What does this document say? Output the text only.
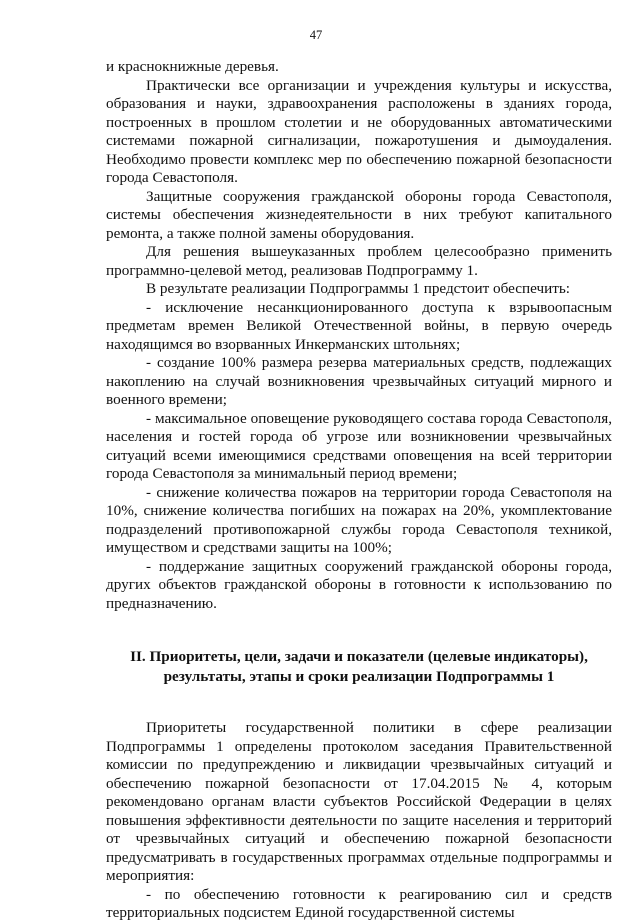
47

и краснокнижные деревья.

Практически все организации и учреждения культуры и искусства, образования и науки, здравоохранения расположены в зданиях города, построенных в прошлом столетии и не оборудованных автоматическими системами пожарной сигнализации, пожаротушения и дымоудаления. Необходимо провести комплекс мер по обеспечению пожарной безопасности города Севастополя.

Защитные сооружения гражданской обороны города Севастополя, системы обеспечения жизнедеятельности в них требуют капитального ремонта, а также полной замены оборудования.

Для решения вышеуказанных проблем целесообразно применить программно-целевой метод, реализовав Подпрограмму 1.

В результате реализации Подпрограммы 1 предстоит обеспечить:

- исключение несанкционированного доступа к взрывоопасным предметам времен Великой Отечественной войны, в первую очередь находящимся во взорванных Инкерманских штольнях;

- создание 100% размера резерва материальных средств, подлежащих накоплению на случай возникновения чрезвычайных ситуаций мирного и военного времени;

- максимальное оповещение руководящего состава города Севастополя, населения и гостей города об угрозе или возникновении чрезвычайных ситуаций всеми имеющимися средствами оповещения на всей территории города Севастополя за минимальный период времени;

- снижение количества пожаров на территории города Севастополя на 10%, снижение количества погибших на пожарах на 20%, укомплектование подразделений противопожарной службы города Севастополя техникой, имуществом и средствами защиты на 100%;

- поддержание защитных сооружений гражданской обороны города, других объектов гражданской обороны в готовности к использованию по предназначению.

II. Приоритеты, цели, задачи и показатели (целевые индикаторы),
результаты, этапы и сроки реализации Подпрограммы 1

Приоритеты государственной политики в сфере реализации Подпрограммы 1 определены протоколом заседания Правительственной комиссии по предупреждению и ликвидации чрезвычайных ситуаций и обеспечению пожарной безопасности от 17.04.2015 № 4, которым рекомендовано органам власти субъектов Российской Федерации в целях повышения эффективности деятельности по защите населения и территорий от чрезвычайных ситуаций и обеспечению пожарной безопасности предусматривать в государственных программах отдельные подпрограммы и мероприятия:

- по обеспечению готовности к реагированию сил и средств территориальных подсистем Единой государственной системы
